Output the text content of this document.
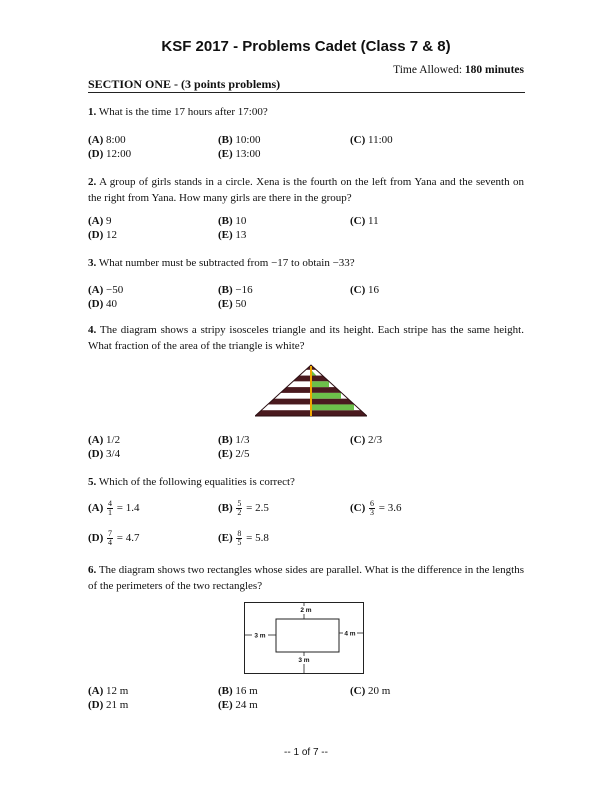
KSF 2017 - Problems Cadet (Class 7 & 8)
Time Allowed: 180 minutes
SECTION ONE - (3 points problems)
1. What is the time 17 hours after 17:00?
(A) 8:00	(B) 10:00	(C) 11:00
(D) 12:00	(E) 13:00
2. A group of girls stands in a circle. Xena is the fourth on the left from Yana and the seventh on the right from Yana. How many girls are there in the group?
(A) 9	(B) 10	(C) 11
(D) 12	(E) 13
3. What number must be subtracted from −17 to obtain −33?
(A) −50	(B) −16	(C) 16
(D) 40	(E) 50
4. The diagram shows a stripy isosceles triangle and its height. Each stripe has the same height. What fraction of the area of the triangle is white?
(A) 1/2	(B) 1/3	(C) 2/3
(D) 3/4	(E) 2/5
5. Which of the following equalities is correct?
$(A) \frac{4}{1} = 1.4$	$(B) \frac{5}{2} = 2.5$	$(C) \frac{6}{3} = 3.6$
$(D) \frac{7}{4} = 4.7$	$(E) \frac{8}{5} = 5.8$
6. The diagram shows two rectangles whose sides are parallel. What is the difference in the lengths of the perimeters of the two rectangles?
2 m
3 m	4 m
3 m
(A) 12 m	(B) 16 m	(C) 20 m
(D) 21 m	(E) 24 m
-- 1 of 7 --
